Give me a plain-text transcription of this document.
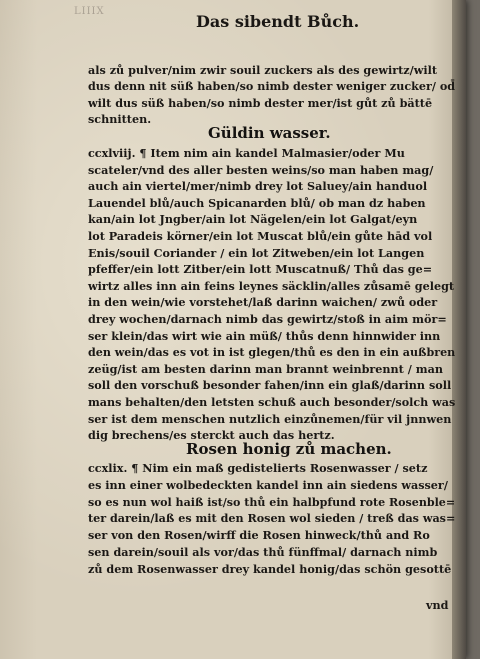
LIIIX
Das sibendt Bůch.
als zů pulver/nim zwir souil zuckers als des gewirtz/wilt
dus denn nit süß haben/so nimb dester weniger zucker/ od̄
wilt dus süß haben/so nimb dester mer/ist gůt zů bättē
schnitten.
ccxlviij. ¶ Item nim ain kandel Malmasier/oder Mu
scateler/vnd des aller besten weins/so man haben mag/
auch ain viertel/mer/nimb drey lot Saluey/ain handuol
Lauendel blů/auch Spicanarden blů/ ob man dz haben
kan/ain lot Jngber/ain lot Nägelen/ein lot Galgat/eyn
lot Paradeis körner/ein lot Muscat blů/ein gůte hād vol
Enis/souil Coriander / ein lot Zitweben/ein lot Langen
pfeffer/ein lott Zitber/ein lott Muscatnuß/ Thů das ge=
wirtz alles inn ain feins leynes säcklin/alles zůsamē gelegt
in den wein/wie vorstehet/laß darinn waichen/ zwů oder
drey wochen/darnach nimb das gewirtz/stoß in aim mör=
ser klein/das wirt wie ain müß/ thůs denn hinnwider inn
den wein/das es vot in ist glegen/thů es den in ein außbren
zeüg/ist am besten darinn man brannt weinbrennt / man
soll den vorschuß besonder fahen/inn ein glaß/darinn soll
mans behalten/den letsten schuß auch besonder/solch was
ser ist dem menschen nutzlich einzůnemen/für vil jnnwen
dig brechens/es sterckt auch das hertz.
ccxlix. ¶ Nim ein maß gedistelierts Rosenwasser / setz
es inn einer wolbedeckten kandel inn ain siedens wasser/
so es nun wol haiß ist/so thů ein halbpfund rote Rosenble=
ter darein/laß es mit den Rosen wol sieden / treß das was=
ser von den Rosen/wirff die Rosen hinweck/thů and Ro
sen darein/souil als vor/das thů fünffmal/ darnach nimb
zů dem Rosenwasser drey kandel honig/das schön gesottē
Güldin wasser.
Rosen honig zů machen.
vnd
